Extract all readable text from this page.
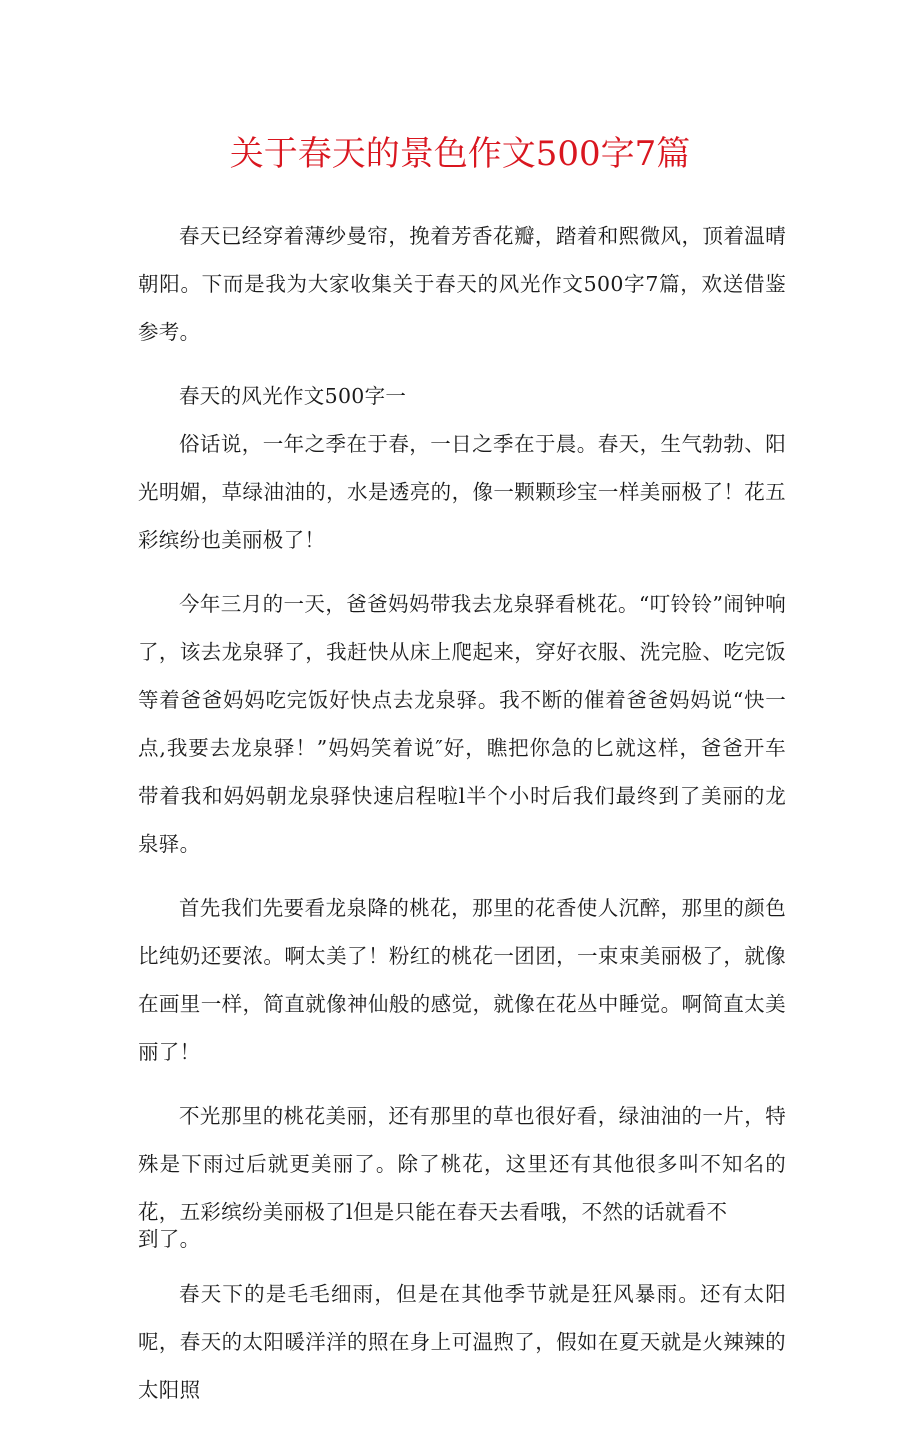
关于春天的景色作文500字7篇

春天已经穿着薄纱曼帘，挽着芳香花瓣，踏着和熙微风，顶着温晴朝阳。下而是我为大家收集关于春天的风光作文500字7篇，欢送借鉴参考。

春天的风光作文500字一

俗话说，一年之季在于春，一日之季在于晨。春天，生气勃勃、阳光明媚，草绿油油的，水是透亮的，像一颗颗珍宝一样美丽极了！花五彩缤纷也美丽极了！

今年三月的一天，爸爸妈妈带我去龙泉驿看桃花。“叮铃铃”闹钟响了，该去龙泉驿了，我赶快从床上爬起来，穿好衣服、洗完脸、吃完饭等着爸爸妈妈吃完饭好快点去龙泉驿。我不断的催着爸爸妈妈说“快一点,我要去龙泉驿！”妈妈笑着说″好，瞧把你急的匕就这样，爸爸开车带着我和妈妈朝龙泉驿快速启程啦l半个小时后我们最终到了美丽的龙泉驿。

首先我们先要看龙泉降的桃花，那里的花香使人沉醉，那里的颜色比纯奶还要浓。啊太美了！粉红的桃花一团团，一束束美丽极了，就像在画里一样，简直就像神仙般的感觉，就像在花丛中睡觉。啊简直太美丽了！

不光那里的桃花美丽，还有那里的草也很好看，绿油油的一片，特殊是下雨过后就更美丽了。除了桃花，这里还有其他很多叫不知名的花，五彩缤纷美丽极了l但是只能在春天去看哦，不然的话就看不

到了。

春天下的是毛毛细雨，但是在其他季节就是狂风暴雨。还有太阳呢，春天的太阳暖洋洋的照在身上可温煦了，假如在夏天就是火辣辣的太阳照
